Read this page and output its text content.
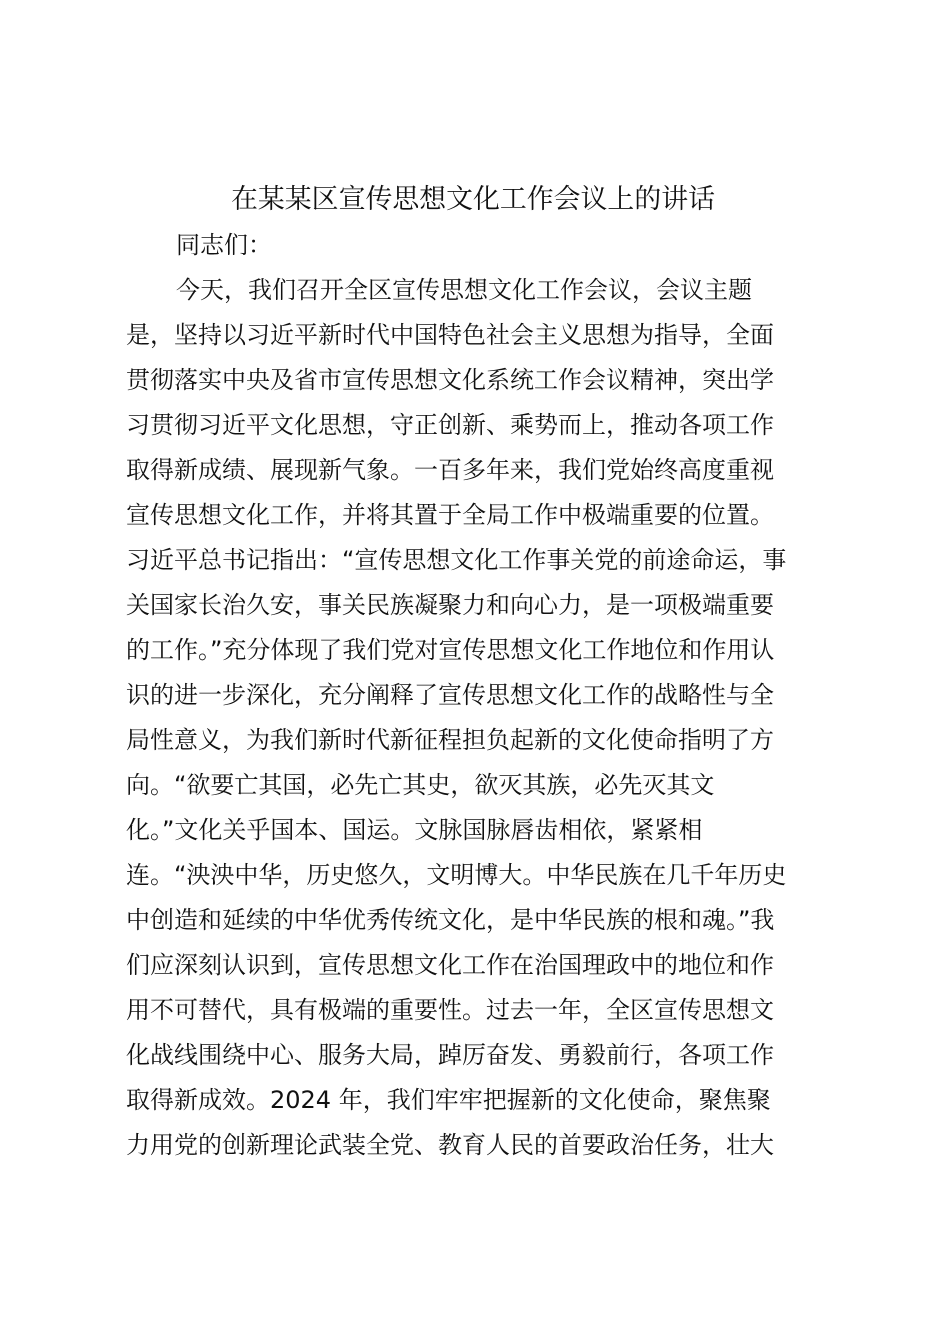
在某某区宣传思想文化工作会议上的讲话
同志们：
今天，我们召开全区宣传思想文化工作会议，会议主题
是，坚持以习近平新时代中国特色社会主义思想为指导，全面
贯彻落实中央及省市宣传思想文化系统工作会议精神，突出学
习贯彻习近平文化思想，守正创新、乘势而上，推动各项工作
取得新成绩、展现新气象。一百多年来，我们党始终高度重视
宣传思想文化工作，并将其置于全局工作中极端重要的位置。
习近平总书记指出：“宣传思想文化工作事关党的前途命运，事
关国家长治久安，事关民族凝聚力和向心力，是一项极端重要
的工作。”充分体现了我们党对宣传思想文化工作地位和作用认
识的进一步深化，充分阐释了宣传思想文化工作的战略性与全
局性意义，为我们新时代新征程担负起新的文化使命指明了方
向。“欲要亡其国，必先亡其史，欲灭其族，必先灭其文
化。”文化关乎国本、国运。文脉国脉唇齿相依，紧紧相
连。“泱泱中华，历史悠久，文明博大。中华民族在几千年历史
中创造和延续的中华优秀传统文化，是中华民族的根和魂。”我
们应深刻认识到，宣传思想文化工作在治国理政中的地位和作
用不可替代，具有极端的重要性。过去一年，全区宣传思想文
化战线围绕中心、服务大局，踔厉奋发、勇毅前行，各项工作
取得新成效。2024 年，我们牢牢把握新的文化使命，聚焦聚
力用党的创新理论武装全党、教育人民的首要政治任务，壮大
